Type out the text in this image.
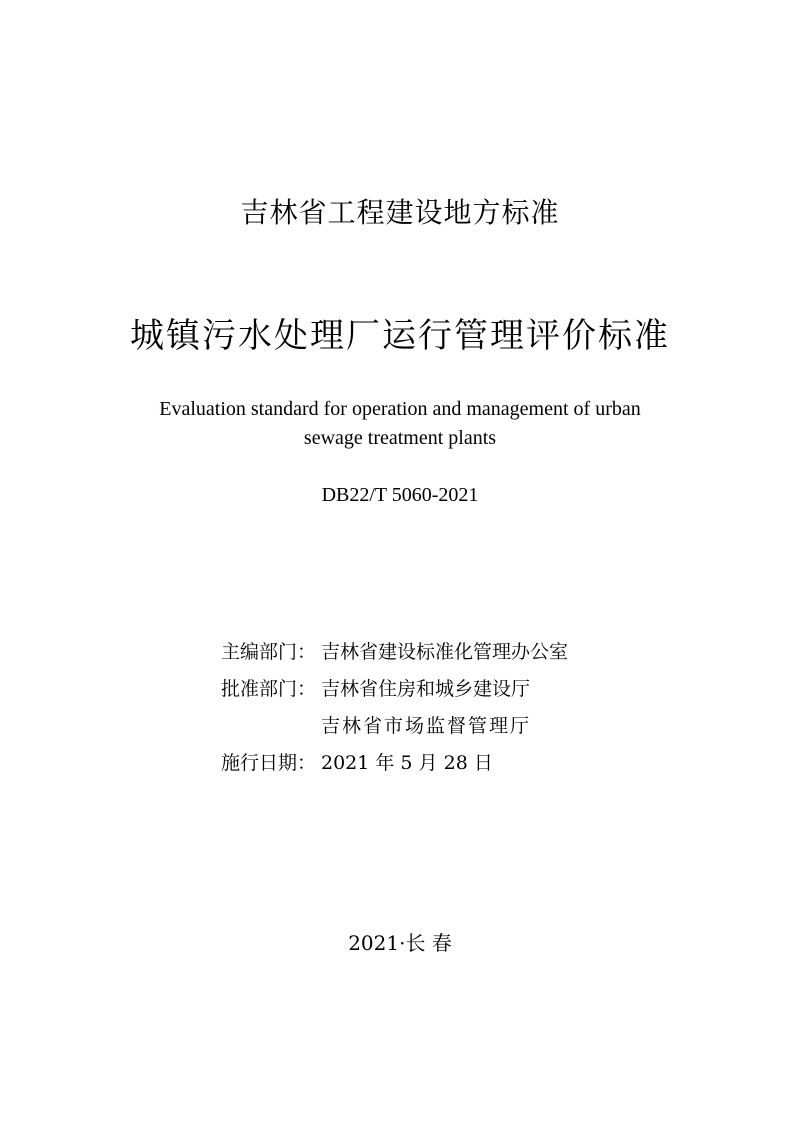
吉林省工程建设地方标准
城镇污水处理厂运行管理评价标准
Evaluation standard for operation and management of urban
sewage treatment plants
DB22/T 5060-2021
主编部门： 吉林省建设标准化管理办公室
批准部门： 吉林省住房和城乡建设厅
吉林省市场监督管理厅
施行日期： 2021 年 5 月 28 日
2021·长 春
